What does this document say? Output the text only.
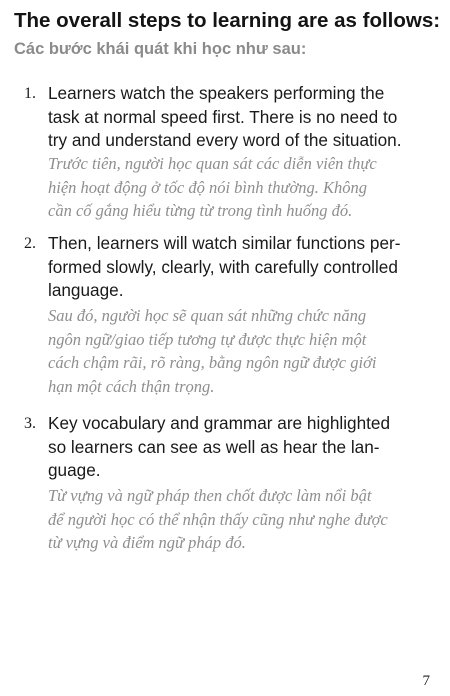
The overall steps to learning are as follows:
Các bước khái quát khi học như sau:
1. Learners watch the speakers performing the
task at normal speed first. There is no need to
try and understand every word of the situation.

Trước tiên, người học quan sát các diễn viên thực
hiện hoạt động ở tốc độ nói bình thường. Không
cần cố gắng hiểu từng từ trong tình huống đó.

2. Then, learners will watch similar functions per-
formed slowly, clearly, with carefully controlled
language.

Sau đó, người học sẽ quan sát những chức năng
ngôn ngữ/giao tiếp tương tự được thực hiện một
cách chậm rãi, rõ ràng, bằng ngôn ngữ được giới
hạn một cách thận trọng.

3. Key vocabulary and grammar are highlighted
so learners can see as well as hear the lan-
guage.

Từ vựng và ngữ pháp then chốt được làm nổi bật
để người học có thể nhận thấy cũng như nghe được
từ vựng và điểm ngữ pháp đó.

7
